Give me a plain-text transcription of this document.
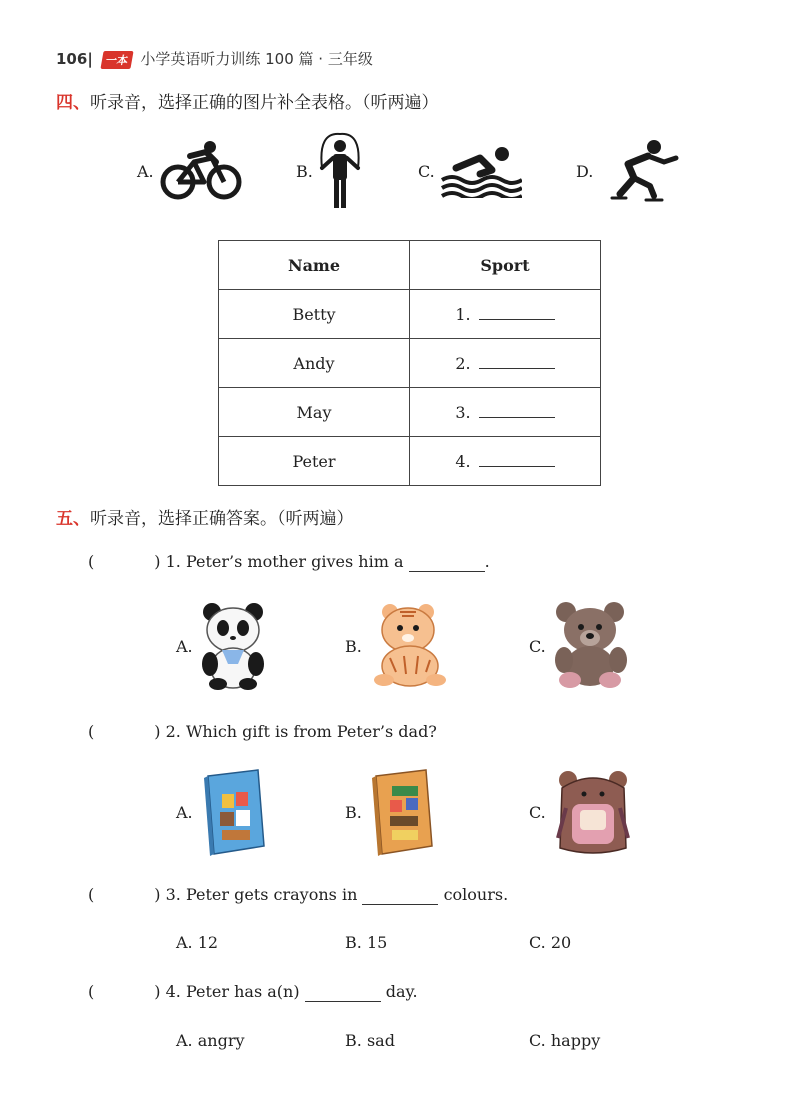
106| 一本 小学英语听力训练 100 篇 · 三年级
四、听录音，选择正确的图片补全表格。（听两遍）
A.	B.	C.	D.
Name	Sport
Betty	1.
Andy	2.
May	3.
Peter	4.
五、听录音，选择正确答案。（听两遍）
(	) 1. Peter’s mother gives him a	.
A.	B.	C.
(	) 2. Which gift is from Peter’s dad?
A.	B.	C.
(	) 3. Peter gets crayons in	colours.
A. 12	B. 15	C. 20
(	) 4. Peter has a(n)	day.
A. angry	B. sad	C. happy
